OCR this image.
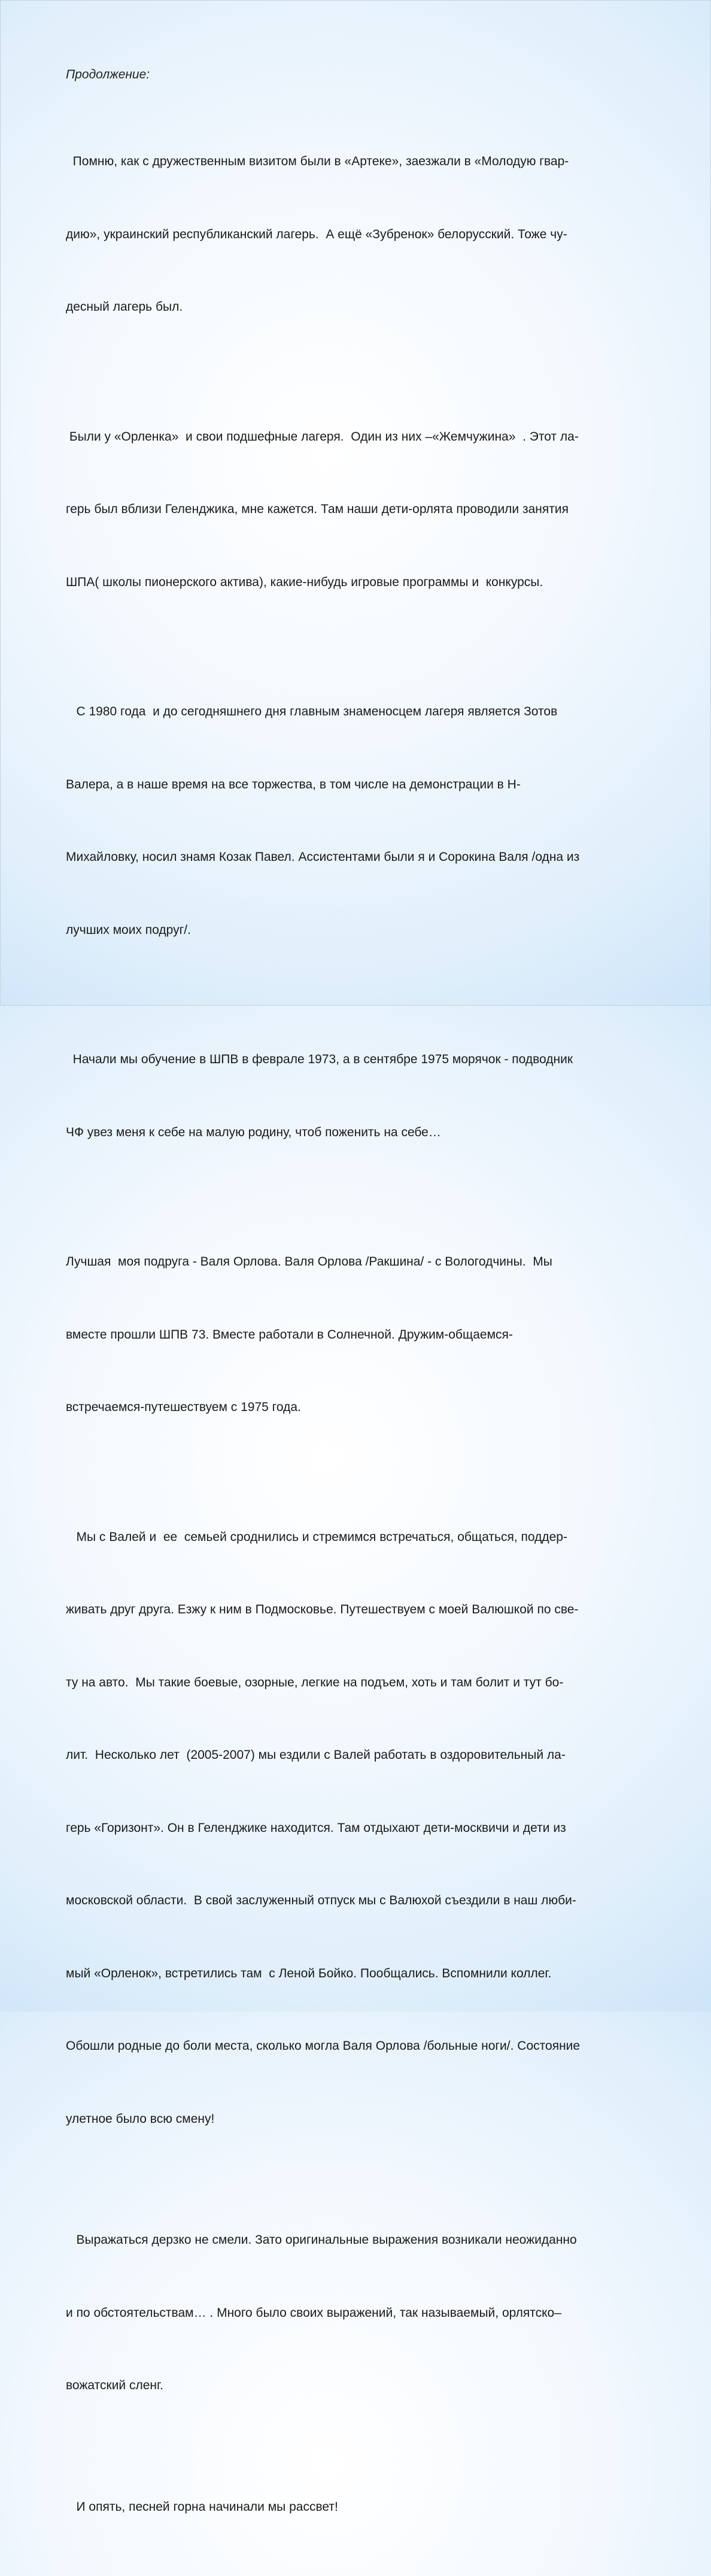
Продолжение:

Помню, как с дружественным визитом были в «Артеке», заезжали в «Молодую гвар-

дию», украинский республиканский лагерь.  А ещё «Зубренок» белорусский. Тоже чу-

десный лагерь был.

Были у «Орленка»  и свои подшефные лагеря.  Один из них –«Жемчужина»  . Этот ла-

герь был вблизи Геленджика, мне кажется. Там наши дети-орлята проводили занятия

ШПА( школы пионерского актива), какие-нибудь игровые программы и  конкурсы.

С 1980 года  и до сегодняшнего дня главным знаменосцем лагеря является Зотов

Валера, а в наше время на все торжества, в том числе на демонстрации в Н-

Михайловку, носил знамя Козак Павел. Ассистентами были я и Сорокина Валя /одна из

лучших моих подруг/.

Начали мы обучение в ШПВ в феврале 1973, а в сентябре 1975 морячок - подводник

ЧФ увез меня к себе на малую родину, чтоб поженить на себе…

Лучшая  моя подруга - Валя Орлова. Валя Орлова /Ракшина/ - с Вологодчины.  Мы

вместе прошли ШПВ 73. Вместе работали в Солнечной. Дружим-общаемся-

встречаемся-путешествуем с 1975 года.

Мы с Валей и  ее  семьей сроднились и стремимся встречаться, общаться, поддер-

живать друг друга. Езжу к ним в Подмосковье. Путешествуем с моей Валюшкой по све-

ту на авто.  Мы такие боевые, озорные, легкие на подъем, хоть и там болит и тут бо-

лит.  Несколько лет  (2005-2007) мы ездили с Валей работать в оздоровительный ла-

герь «Горизонт». Он в Геленджике находится. Там отдыхают дети-москвичи и дети из

московской области.  В свой заслуженный отпуск мы с Валюхой съездили в наш люби-

мый «Орленок», встретились там  с Леной Бойко. Пообщались. Вспомнили коллег.

Обошли родные до боли места, сколько могла Валя Орлова /больные ноги/. Состояние

улетное было всю смену!

Выражаться дерзко не смели. Зато оригинальные выражения возникали неожиданно

и по обстоятельствам… . Много было своих выражений, так называемый, орлятско–

вожатский сленг.

И опять, песней горна начинали мы рассвет!
